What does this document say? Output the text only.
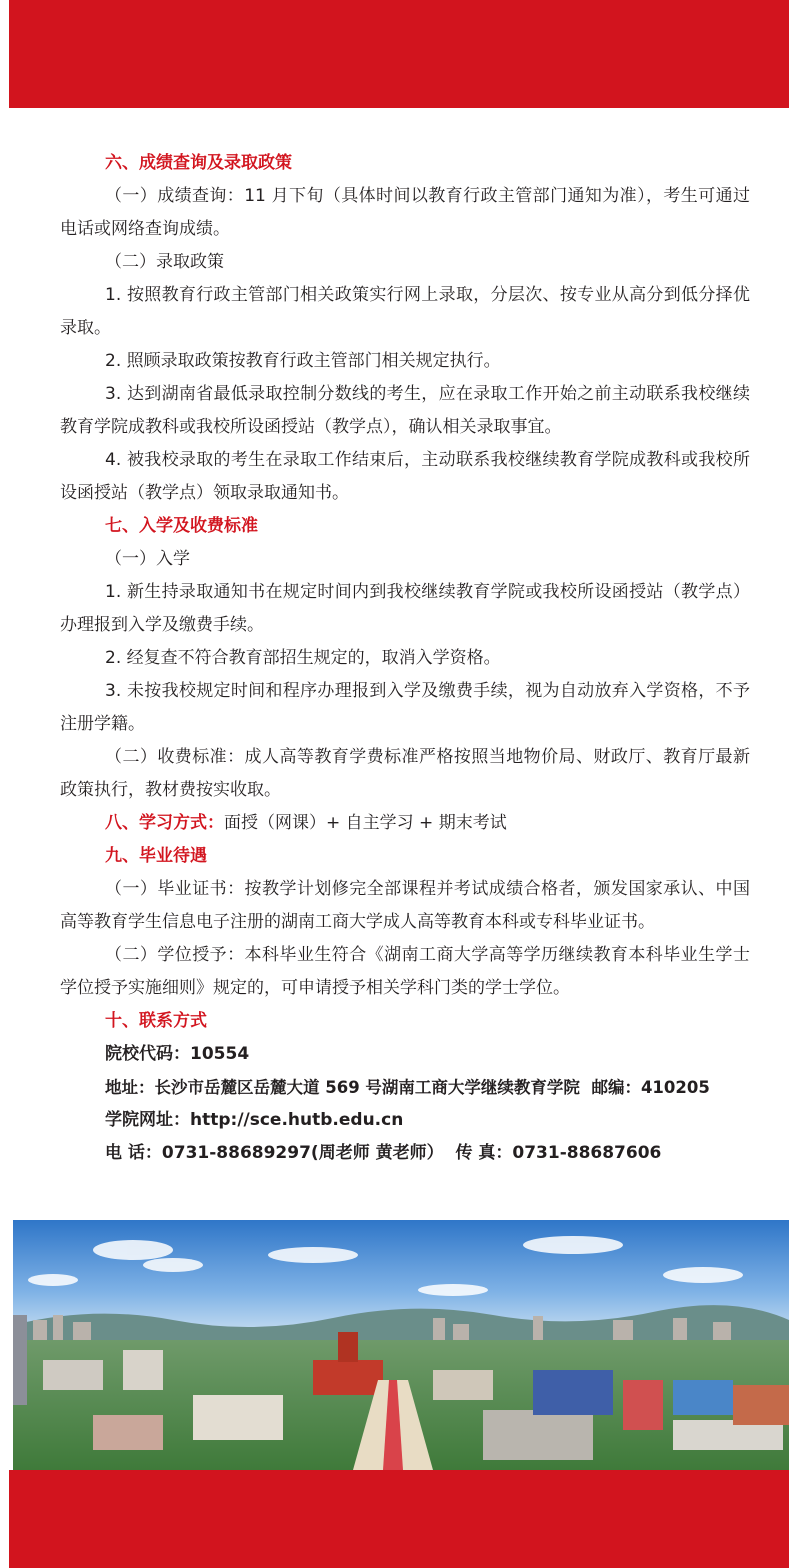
六、成绩查询及录取政策

（一）成绩查询：11 月下旬（具体时间以教育行政主管部门通知为准），考生可通过电话或网络查询成绩。

（二）录取政策

1. 按照教育行政主管部门相关政策实行网上录取，分层次、按专业从高分到低分择优录取。

2. 照顾录取政策按教育行政主管部门相关规定执行。

3. 达到湖南省最低录取控制分数线的考生，应在录取工作开始之前主动联系我校继续教育学院成教科或我校所设函授站（教学点），确认相关录取事宜。

4. 被我校录取的考生在录取工作结束后，主动联系我校继续教育学院成教科或我校所设函授站（教学点）领取录取通知书。

七、入学及收费标准

（一）入学

1. 新生持录取通知书在规定时间内到我校继续教育学院或我校所设函授站（教学点）办理报到入学及缴费手续。

2. 经复查不符合教育部招生规定的，取消入学资格。

3. 未按我校规定时间和程序办理报到入学及缴费手续，视为自动放弃入学资格，不予注册学籍。

（二）收费标准：成人高等教育学费标准严格按照当地物价局、财政厅、教育厅最新政策执行，教材费按实收取。

八、学习方式：面授（网课）+ 自主学习 + 期末考试

九、毕业待遇

（一）毕业证书：按教学计划修完全部课程并考试成绩合格者，颁发国家承认、中国高等教育学生信息电子注册的湖南工商大学成人高等教育本科或专科毕业证书。

（二）学位授予：本科毕业生符合《湖南工商大学高等学历继续教育本科毕业生学士学位授予实施细则》规定的，可申请授予相关学科门类的学士学位。

十、联系方式

院校代码：10554

地址：长沙市岳麓区岳麓大道 569 号湖南工商大学继续教育学院 邮编：410205

学院网址：http://sce.hutb.edu.cn

电 话：0731-88689297(周老师 黄老师） 传 真：0731-88687606
